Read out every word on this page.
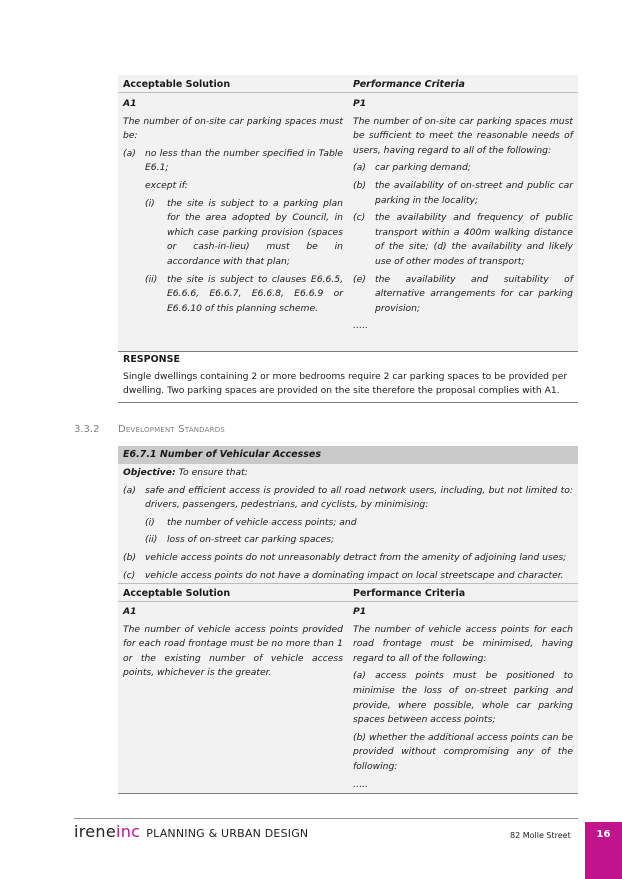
Acceptable Solution	Performance Criteria
A1
The number of on-site car parking spaces must be:
(a) no less than the number specified in Table E6.1;
except if:
(i)	the site is subject to a parking plan for the area adopted by Council, in which case parking provision (spaces or cash-in-lieu) must be in accordance with that plan;
(ii)	the site is subject to clauses E6.6.5, E6.6.6, E6.6.7, E6.6.8, E6.6.9 or E6.6.10 of this planning scheme.
P1
The number of on-site car parking spaces must be sufficient to meet the reasonable needs of users, having regard to all of the following:
(a) car parking demand;
(b) the availability of on-street and public car parking in the locality;
(c)	the availability and frequency of public transport within a 400m walking distance of the site; (d) the availability and likely use of other modes of transport;
(e) the availability and suitability of alternative arrangements for car parking provision;
…..
RESPONSE
Single dwellings containing 2 or more bedrooms require 2 car parking spaces to be provided per dwelling. Two parking spaces are provided on the site therefore the proposal complies with A1.
3.3.2 Development Standards
E6.7.1 Number of Vehicular Accesses
Objective: To ensure that:
(a) safe and efficient access is provided to all road network users, including, but not limited to: drivers, passengers, pedestrians, and cyclists, by minimising:
(i)	the number of vehicle access points; and
(ii)	loss of on-street car parking spaces;
(b) vehicle access points do not unreasonably detract from the amenity of adjoining land uses;
(c)	vehicle access points do not have a dominating impact on local streetscape and character.
Acceptable Solution	Performance Criteria
A1
The number of vehicle access points provided for each road frontage must be no more than 1 or the existing number of vehicle access points, whichever is the greater.
P1
The number of vehicle access points for each road frontage must be minimised, having regard to all of the following:
(a) access points must be positioned to minimise the loss of on-street parking and provide, where possible, whole car parking spaces between access points;
(b) whether the additional access points can be provided without compromising any of the following:
…..
ireneinc PLANNING & URBAN DESIGN	82 Molle Street	16
